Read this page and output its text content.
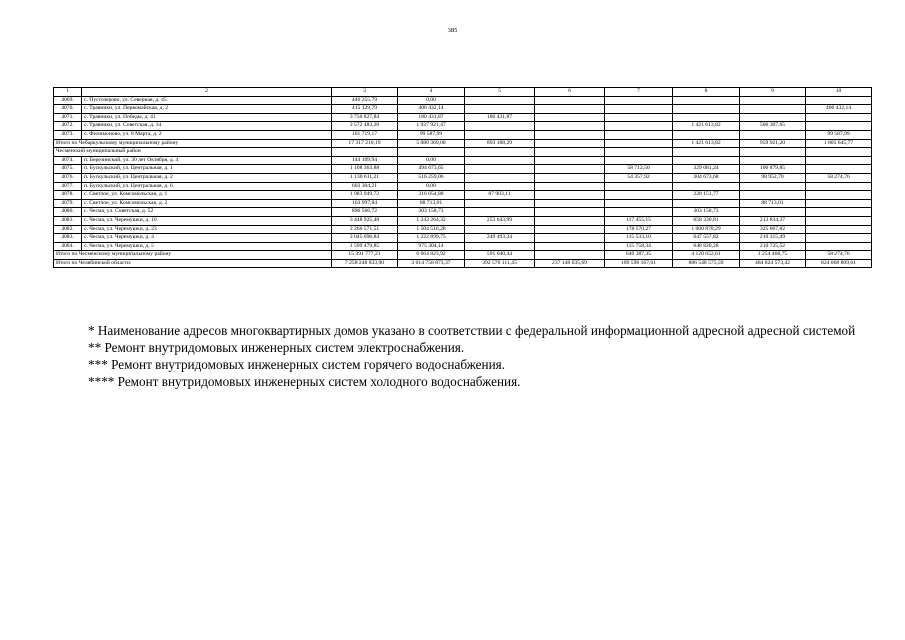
385
1	2	3	4	5	6	7	8	9	10
4069.	с. Пустозерово, ул. Северная, д. 45	446 255,79	0,00						
4070.	с. Травники, ул. Первомайская, д. 2	415 129,79	406 432,14						406 432,14
4071.	с. Травники, ул. Победы, д. 41	3 750 827,84	180 431,87	180 431,87					
4072.	с. Травники, ул. Советская, д. 34	2 572 483,20	1 927 921,47				1 421 613,82	506 307,65	
4073.	с. Филимоново, ул. 8 Марта, д. 2	101 719,17	99 587,99						99 587,99
Итого по Чебаркульскому муниципальному району		17 317 210,19	5 080 369,08	893 188,29			1 421 613,82	959 921,20	1 805 645,77
Чесменский муниципальный район									
4074.	п. Березинский, ул. 30 лет Октября, д. 4	144 109,94	0,00						
4075.	п. Бускульский, ул. Центральная, д. 1	1 108 363,88	494 673,65			58 712,50	329 081,24	106 879,85	
4076.	п. Бускульский, ул. Центральная, д. 2	1 130 611,21	516 259,06			54 357,92	304 673,68	98 952,70	58 274,76
4077.	п. Бускульский, ул. Центральная, д. 6	603 304,21	0,00						
4078.	с. Светлое, ул. Комсомольская, д. 1	1 983 949,72	316 054,88	87 903,11			228 151,77		
4079.	с. Светлое, ул. Комсомольская, д. 2	163 997,84	88 713,01					88 713,01	
4080.	с. Чесма, ул. Советская, д. 52	896 566,72	303 158,73				303 158,73		
4081.	с. Чесма, ул. Черемушки, д. 10	3 448 925,48	1 243 264,32	253 643,99		117 455,15	658 330,81	213 834,37	
4082.	с. Чесма, ул. Черемушки, д. 23	2 266 571,51	1 504 516,28			178 570,27	1 000 878,29	325 067,82	
4083.	с. Чесма, ул. Черемушки, д. 4	2 045 696,84	1 222 899,75	249 493,34		115 533,10	647 557,82	210 315,49	
4084.	с. Чесма, ул. Черемушки, д. 5	1 599 479,85	975 304,14			115 758,34	648 820,28	210 725,52	
Итого по Чесменскому муниципальному району		15 391 777,21	6 664 823,92	591 040,44		640 387,35	4 120 652,61	1 254 468,75	58 274,76
Итого по Челябинской области:		7 258 248 833,90	3 014 758 873,37	392 570 111,45	237 148 635,69	189 598 167,61	886 548 575,59	484 824 573,42	824 068 809,61

* Наименование адресов многоквартирных домов указано в соответствии с федеральной информационной адресной адресной системой

** Ремонт внутридомовых инженерных систем электроснабжения.

*** Ремонт внутридомовых инженерных систем горячего водоснабжения.

**** Ремонт внутридомовых инженерных систем холодного водоснабжения.
